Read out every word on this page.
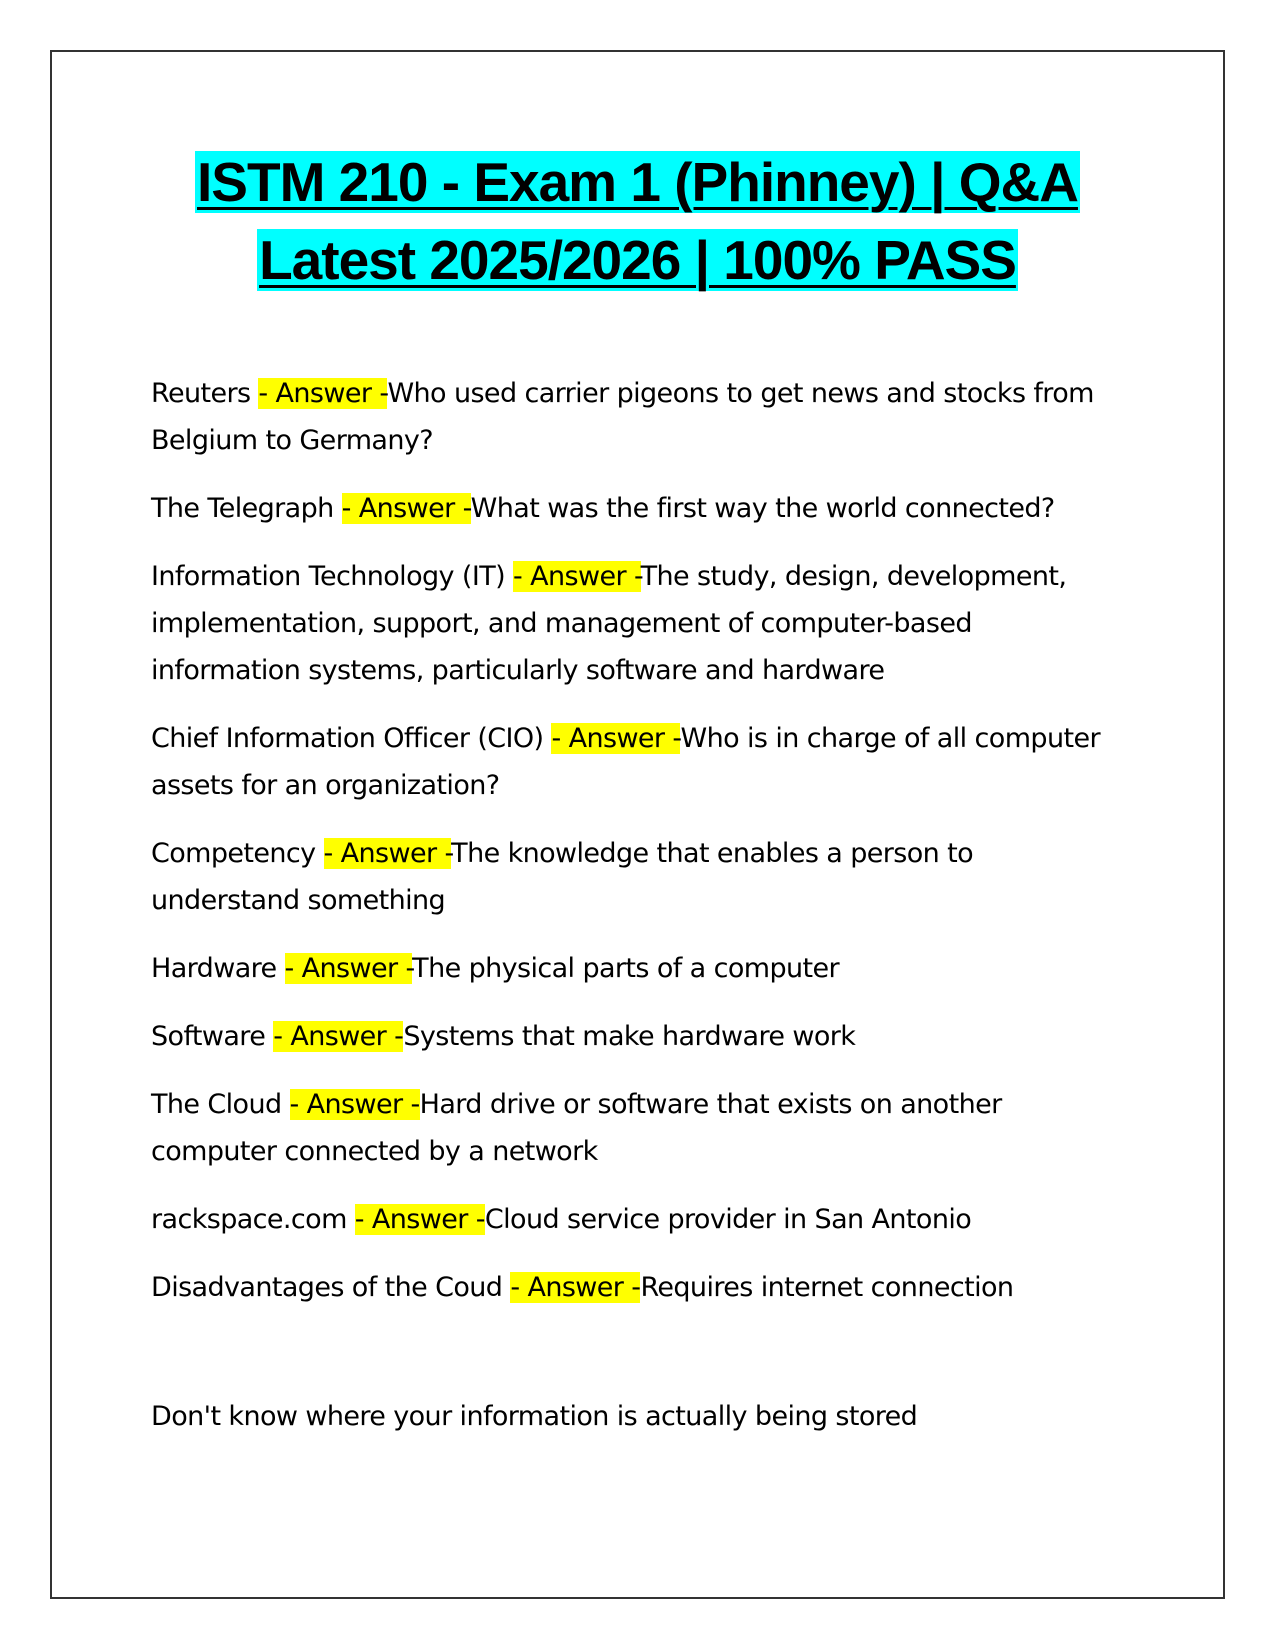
ISTM 210 - Exam 1 (Phinney) | Q&A
Latest 2025/2026 | 100% PASS

Reuters - Answer -Who used carrier pigeons to get news and stocks from Belgium to Germany?

The Telegraph - Answer -What was the first way the world connected?

Information Technology (IT) - Answer -The study, design, development, implementation, support, and management of computer-based information systems, particularly software and hardware

Chief Information Officer (CIO) - Answer -Who is in charge of all computer assets for an organization?

Competency - Answer -The knowledge that enables a person to understand something

Hardware - Answer -The physical parts of a computer

Software - Answer -Systems that make hardware work

The Cloud - Answer -Hard drive or software that exists on another computer connected by a network

rackspace.com - Answer -Cloud service provider in San Antonio

Disadvantages of the Coud - Answer -Requires internet connection

Don't know where your information is actually being stored
